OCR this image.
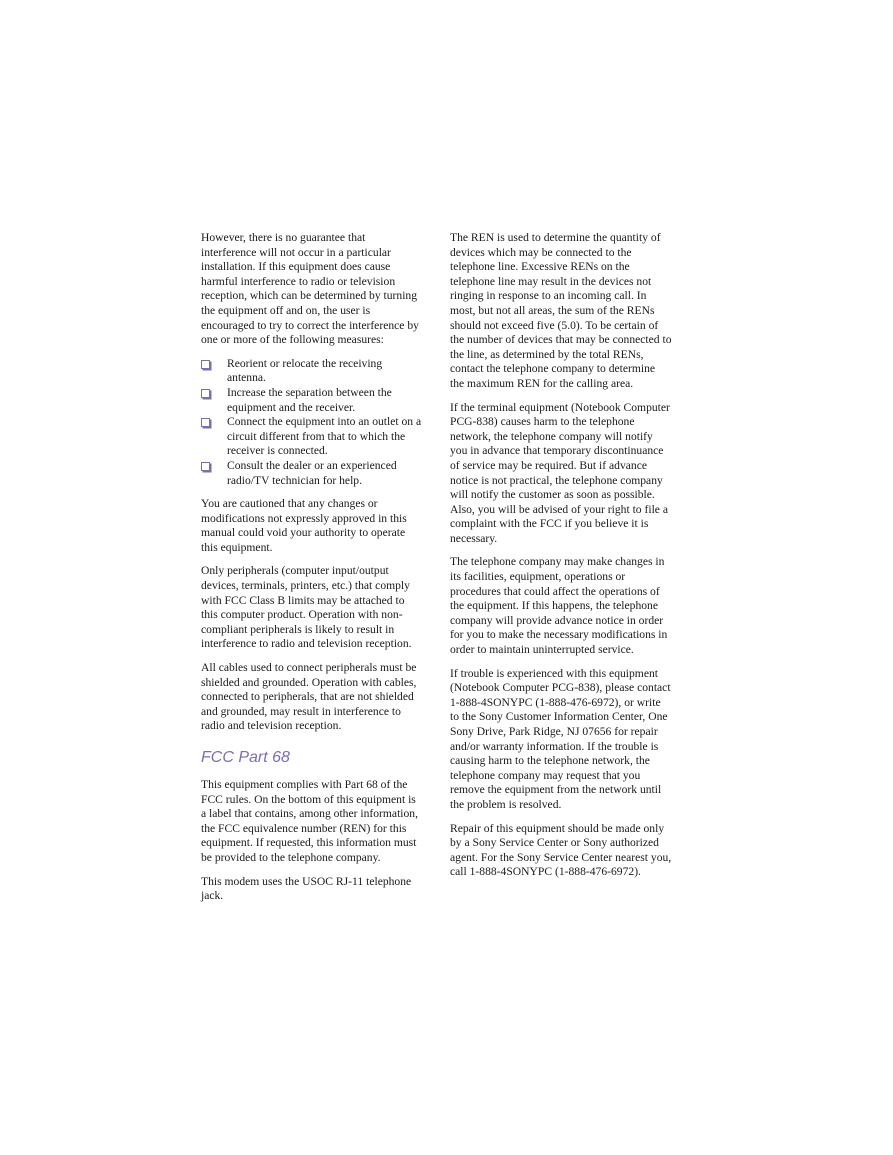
However, there is no guarantee that interference will not occur in a particular installation. If this equipment does cause harmful interference to radio or television reception, which can be determined by turning the equipment off and on, the user is encouraged to try to correct the interference by one or more of the following measures:

Reorient or relocate the receiving antenna.
Increase the separation between the equipment and the receiver.
Connect the equipment into an outlet on a circuit different from that to which the receiver is connected.
Consult the dealer or an experienced radio/TV technician for help.

You are cautioned that any changes or modifications not expressly approved in this manual could void your authority to operate this equipment.

Only peripherals (computer input/output devices, terminals, printers, etc.) that comply with FCC Class B limits may be attached to this computer product. Operation with non-compliant peripherals is likely to result in interference to radio and television reception.

All cables used to connect peripherals must be shielded and grounded. Operation with cables, connected to peripherals, that are not shielded and grounded, may result in interference to radio and television reception.

FCC Part 68

This equipment complies with Part 68 of the FCC rules. On the bottom of this equipment is a label that contains, among other information, the FCC equivalence number (REN) for this equipment. If requested, this information must be provided to the telephone company.

This modem uses the USOC RJ-11 telephone jack.

The REN is used to determine the quantity of devices which may be connected to the telephone line. Excessive RENs on the telephone line may result in the devices not ringing in response to an incoming call. In most, but not all areas, the sum of the RENs should not exceed five (5.0). To be certain of the number of devices that may be connected to the line, as determined by the total RENs, contact the telephone company to determine the maximum REN for the calling area.

If the terminal equipment (Notebook Computer PCG-838) causes harm to the telephone network, the telephone company will notify you in advance that temporary discontinuance of service may be required. But if advance notice is not practical, the telephone company will notify the customer as soon as possible. Also, you will be advised of your right to file a complaint with the FCC if you believe it is necessary.

The telephone company may make changes in its facilities, equipment, operations or procedures that could affect the operations of the equipment. If this happens, the telephone company will provide advance notice in order for you to make the necessary modifications in order to maintain uninterrupted service.

If trouble is experienced with this equipment (Notebook Computer PCG-838), please contact 1-888-4SONYPC (1-888-476-6972), or write to the Sony Customer Information Center, One Sony Drive, Park Ridge, NJ 07656 for repair and/or warranty information. If the trouble is causing harm to the telephone network, the telephone company may request that you remove the equipment from the network until the problem is resolved.

Repair of this equipment should be made only by a Sony Service Center or Sony authorized agent. For the Sony Service Center nearest you, call 1-888-4SONYPC (1-888-476-6972).
